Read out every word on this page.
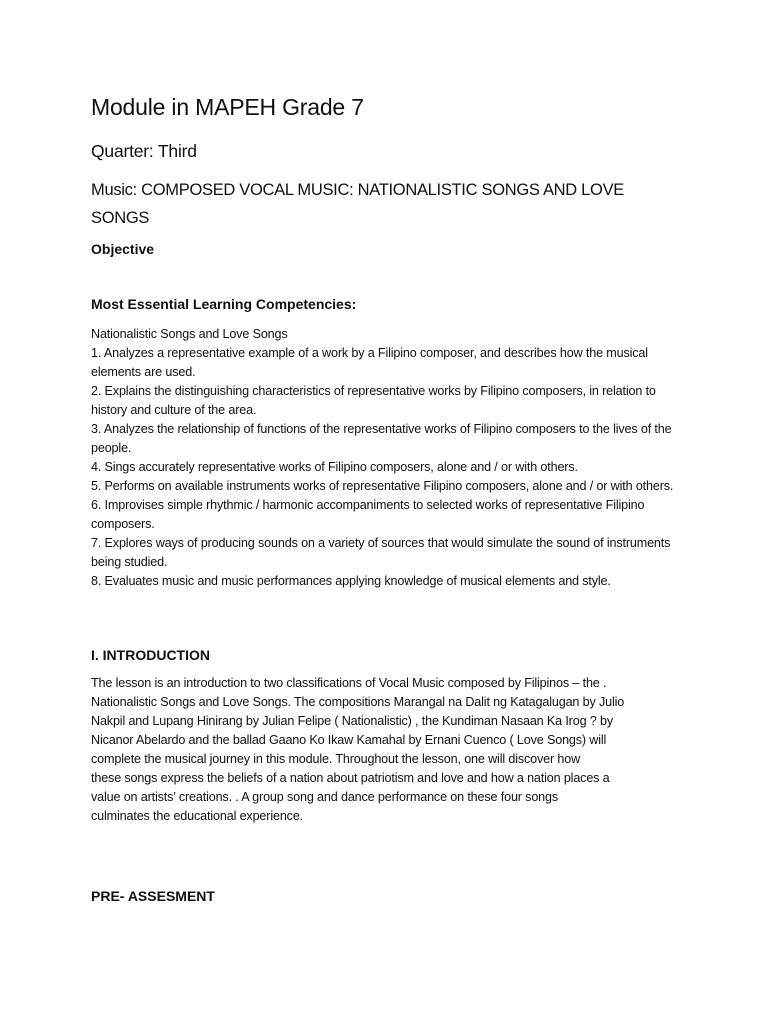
Module in MAPEH Grade 7
Quarter: Third
Music: COMPOSED VOCAL MUSIC: NATIONALISTIC SONGS AND LOVE SONGS
Objective
Most Essential Learning Competencies:
Nationalistic Songs and Love Songs
1. Analyzes a representative example of a work by a Filipino composer, and describes how the musical elements are used.
2. Explains the distinguishing characteristics of representative works by Filipino composers, in relation to history and culture of the area.
3. Analyzes the relationship of functions of the representative works of Filipino composers to the lives of the people.
4. Sings accurately representative works of Filipino composers, alone and / or with others.
5. Performs on available instruments works of representative Filipino composers, alone and / or with others.
6. Improvises simple rhythmic / harmonic accompaniments to selected works of representative Filipino composers.
7. Explores ways of producing sounds on a variety of sources that would simulate the sound of instruments being studied.
8. Evaluates music and music performances applying knowledge of musical elements and style.
I. INTRODUCTION
The lesson is an introduction to two classifications of Vocal Music composed by Filipinos – the .
Nationalistic Songs and Love Songs. The compositions Marangal na Dalit ng Katagalugan by Julio
Nakpil and Lupang Hinirang by Julian Felipe ( Nationalistic) , the Kundiman Nasaan Ka Irog ? by
Nicanor Abelardo and the ballad Gaano Ko Ikaw Kamahal by Ernani Cuenco ( Love Songs) will
complete the musical journey in this module. Throughout the lesson, one will discover how
these songs express the beliefs of a nation about patriotism and love and how a nation places a
value on artists’ creations. . A group song and dance performance on these four songs
culminates the educational experience.
PRE- ASSESMENT
